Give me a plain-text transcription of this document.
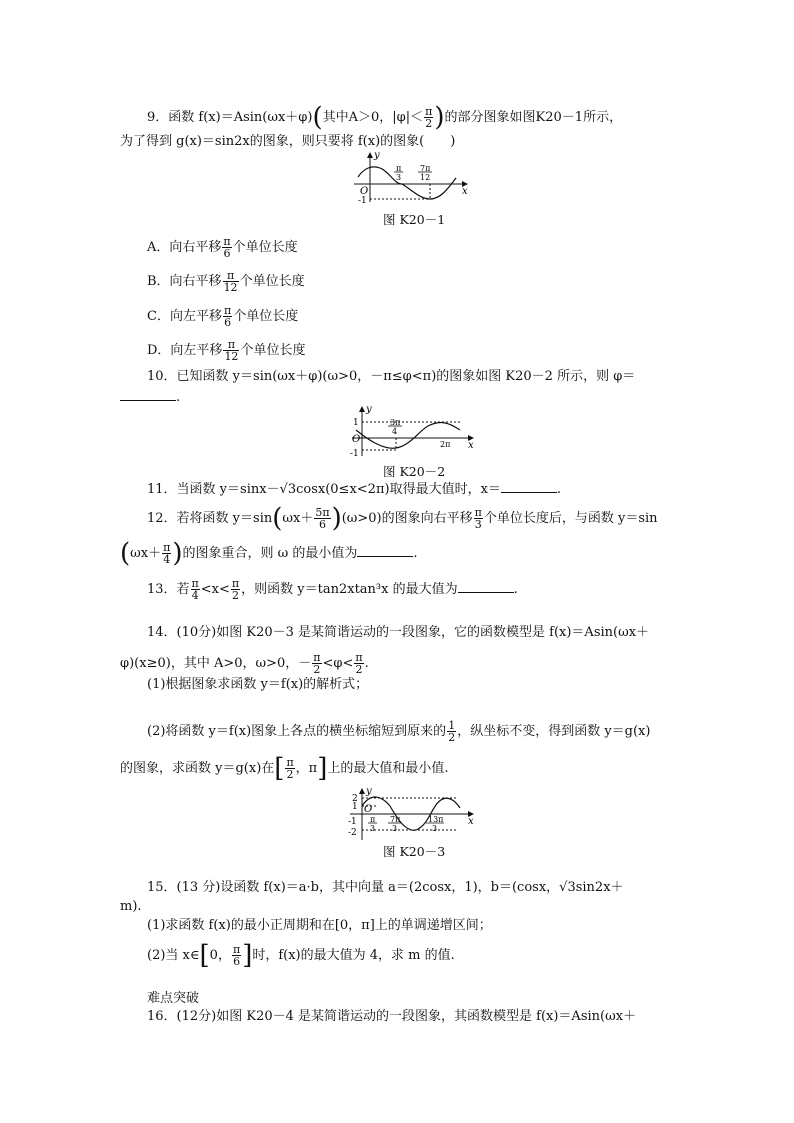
9．函数 f(x)＝Asin(ωx＋φ)(其中A＞0，$|\varphi|< \frac{\pi}{2}$ )的部分图象如图K20－1所示，
为了得到 g(x)＝sin2x的图象，则只要将 f(x)的图象(　　)
y
x
O
-1
π
3
7π
12
图 K20－1
A．向右平移 $\frac{\pi}{6}$ 个单位长度
B．向右平移 $\frac{\pi}{12}$ 个单位长度
C．向左平移 $\frac{\pi}{6}$ 个单位长度
D．向左平移 $\frac{\pi}{12}$ 个单位长度
10．已知函数 y＝sin(ωx＋φ)(ω>0，－π≤φ<π)的图象如图 K20－2 所示，则 φ＝
.
y
x
O
1
-1
3π
4
2π
图 K20－2
11．当函数 y＝sinx－√3cosx(0≤x<2π)取得最大值时，x＝	.
12．若将函数 $y=\sin(\omega x+ \frac{5\pi}{6} )(\omega>0)$的图象向右平移 $\frac{\pi}{3}$ 个单位长度后，与函数 y＝sin
($\omega x+ \frac{\pi}{4}$ )的图象重合，则 ω 的最小值为	.
13．若 $\frac{\pi}{4} <x< \frac{\pi}{2}$ ，则函数 y＝tan2xtan³x 的最大值为	.
14．(10分)如图 K20－3 是某简谐运动的一段图象，它的函数模型是 f(x)＝Asin(ωx＋
φ)(x≥0)，其中 A>0，ω>0，－ $\frac{\pi}{2} <\varphi< \frac{\pi}{2}$ .
(1)根据图象求函数 y＝f(x)的解析式；
(2)将函数 y＝f(x)图象上各点的横坐标缩短到原来的 $\frac{1}{2}$ ，纵坐标不变，得到函数 y＝g(x)
的图象，求函数 y＝g(x)在[ $\frac{\pi}{2}$ ，π]上的最大值和最小值.
y
x
O
2
1
-1
-2
π
3
7π
3
13π
3
图 K20－3
15．(13 分)设函数 f(x)＝a·b，其中向量 a＝(2cosx，1)，b＝(cosx，√3sin2x＋
m).
(1)求函数 f(x)的最小正周期和在[0，π]上的单调递增区间；
(2)当 x∈[0， $\frac{\pi}{6}$ ]时，f(x)的最大值为 4，求 m 的值.
难点突破
16．(12分)如图 K20－4 是某简谐运动的一段图象，其函数模型是 f(x)＝Asin(ωx＋
